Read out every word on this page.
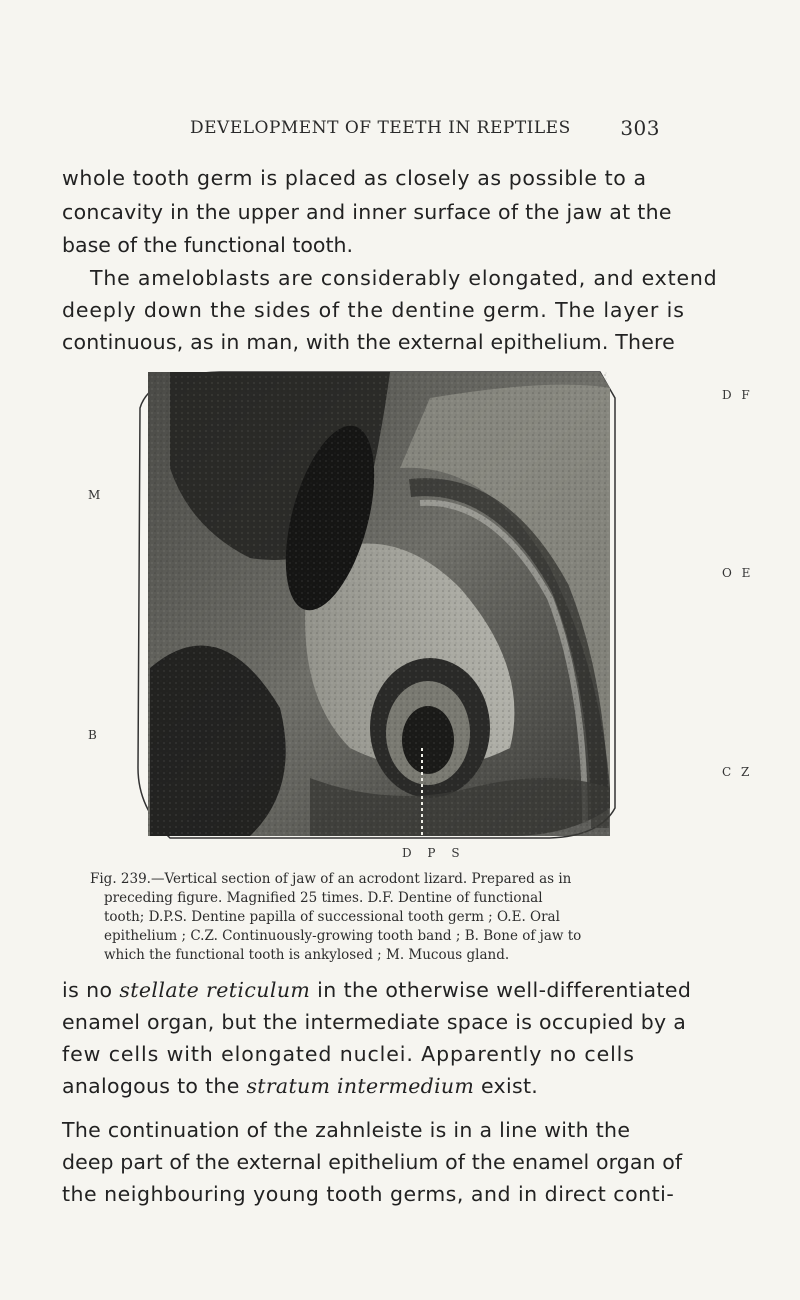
DEVELOPMENT OF TEETH IN REPTILES 303
whole tooth germ is placed as closely as possible to a
concavity in the upper and inner surface of the jaw at the
base of the functional tooth.
The ameloblasts are considerably elongated, and extend
deeply down the sides of the dentine germ. The layer is
continuous, as in man, with the external epithelium. There
M
B
D F
O E
C Z
D P S
Fig. 239.—Vertical section of jaw of an acrodont lizard. Prepared as in
preceding figure. Magnified 25 times. D.F. Dentine of functional
tooth; D.P.S. Dentine papilla of successional tooth germ ; O.E. Oral
epithelium ; C.Z. Continuously-growing tooth band ; B. Bone of jaw to
which the functional tooth is ankylosed ; M. Mucous gland.
is no stellate reticulum in the otherwise well-differentiated
enamel organ, but the intermediate space is occupied by a
few cells with elongated nuclei. Apparently no cells
analogous to the stratum intermedium exist.
The continuation of the zahnleiste is in a line with the
deep part of the external epithelium of the enamel organ of
the neighbouring young tooth germs, and in direct conti-
